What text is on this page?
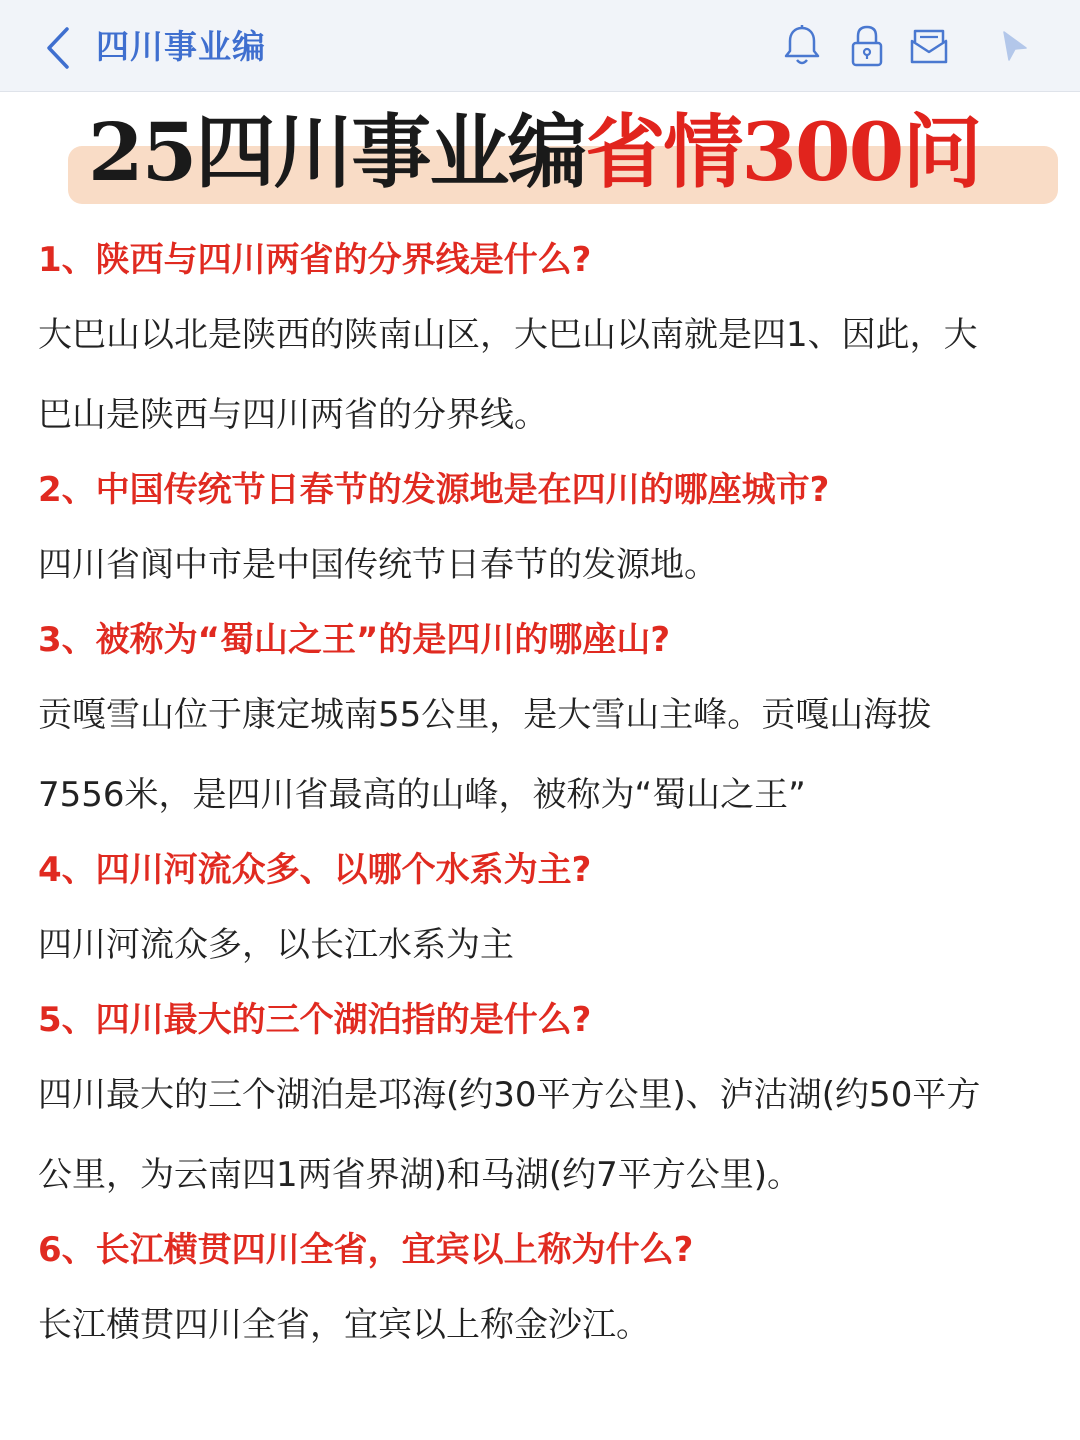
四川事业编
25四川事业编省情300问
1、陕西与四川两省的分界线是什么?
大巴山以北是陕西的陕南山区，大巴山以南就是四1、因此，大
巴山是陕西与四川两省的分界线。
2、中国传统节日春节的发源地是在四川的哪座城市?
四川省阆中市是中国传统节日春节的发源地。
3、被称为“蜀山之王”的是四川的哪座山?
贡嘎雪山位于康定城南55公里，是大雪山主峰。贡嘎山海拔
7556米，是四川省最高的山峰，被称为“蜀山之王”
4、四川河流众多、以哪个水系为主?
四川河流众多，以长江水系为主
5、四川最大的三个湖泊指的是什么?
四川最大的三个湖泊是邛海(约30平方公里)、泸沽湖(约50平方
公里，为云南四1两省界湖)和马湖(约7平方公里)。
6、长江横贯四川全省，宜宾以上称为什么?
长江横贯四川全省，宜宾以上称金沙江。
